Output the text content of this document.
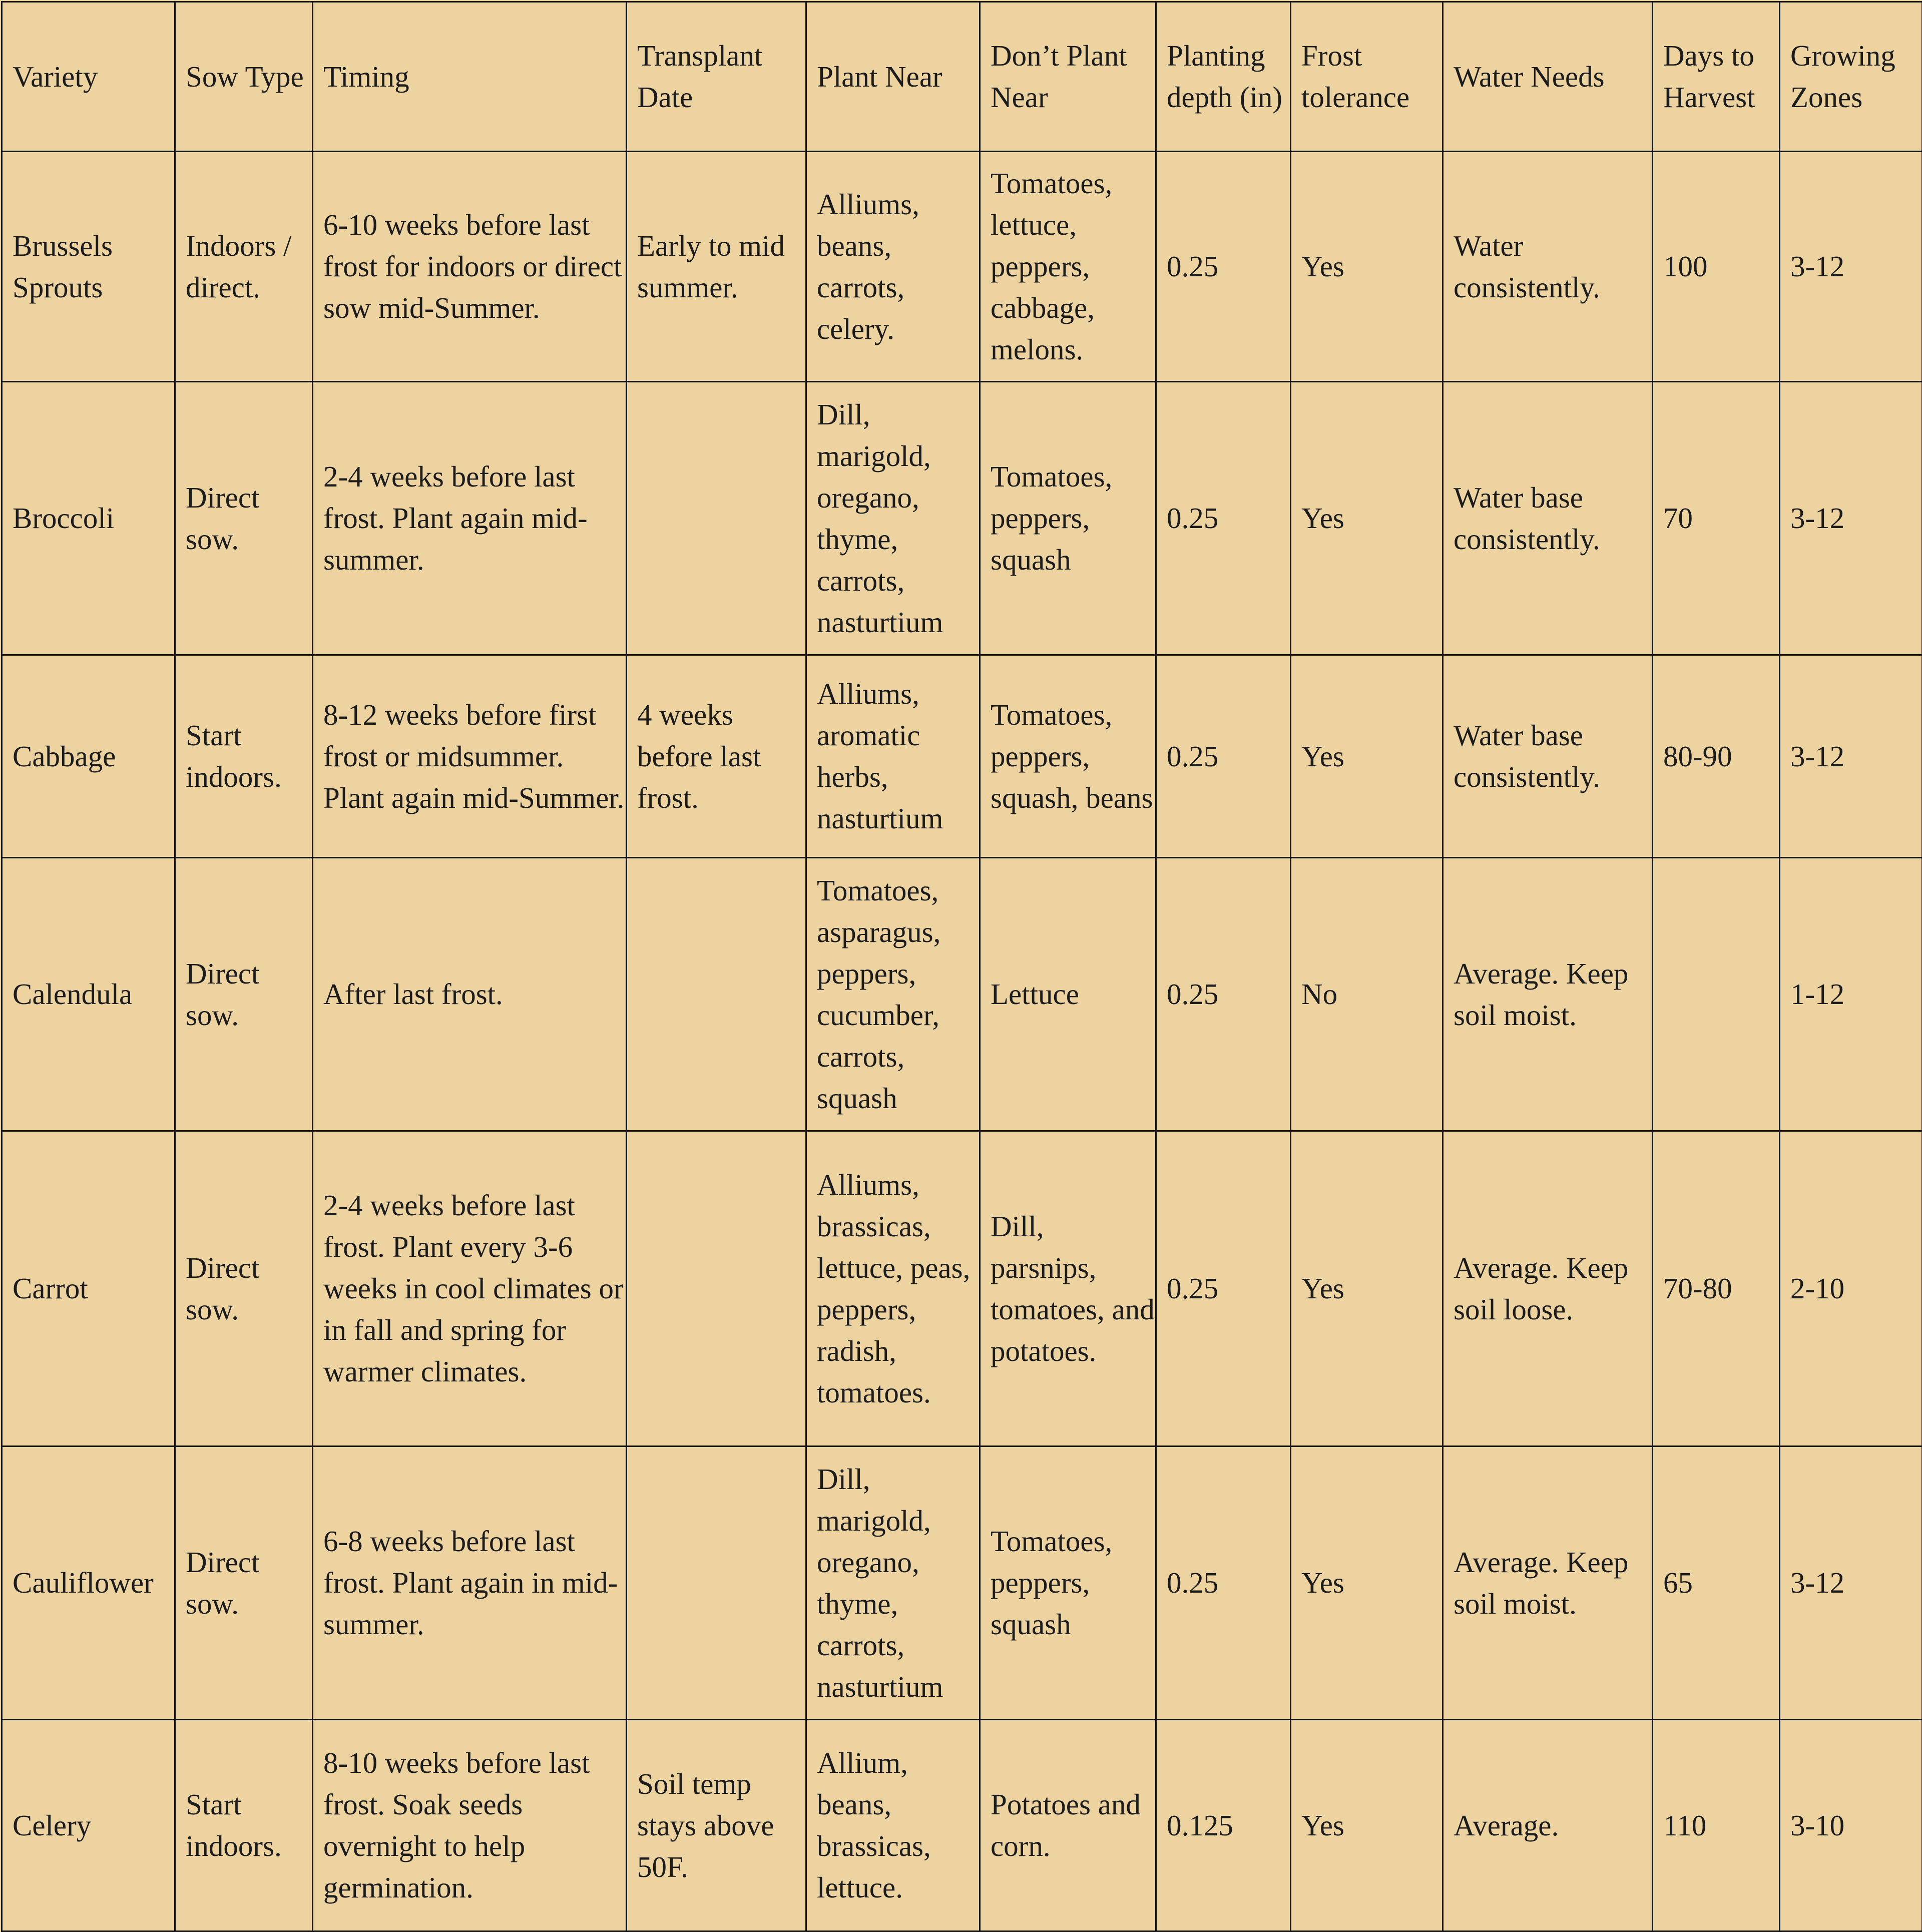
Variety	Sow Type	Timing	Transplant Date	Plant Near	Don’t Plant Near	Planting depth (in)	Frost tolerance	Water Needs	Days to Harvest	Growing Zones
Brussels Sprouts	Indoors / direct.	6-10 weeks before last frost for indoors or direct sow mid-Summer.	Early to mid summer.	Alliums, beans, carrots, celery.	Tomatoes, lettuce, peppers, cabbage, melons.	0.25	Yes	Water consistently.	100	3-12
Broccoli	Direct sow.	2-4 weeks before last frost. Plant again mid-summer.		Dill, marigold, oregano, thyme, carrots, nasturtium	Tomatoes, peppers, squash	0.25	Yes	Water base consistently.	70	3-12
Cabbage	Start indoors.	8-12 weeks before first frost or midsummer. Plant again mid-Summer.	4 weeks before last frost.	Alliums, aromatic herbs, nasturtium	Tomatoes, peppers, squash, beans	0.25	Yes	Water base consistently.	80-90	3-12
Calendula	Direct sow.	After last frost.		Tomatoes, asparagus, peppers, cucumber, carrots, squash	Lettuce	0.25	No	Average. Keep soil moist.		1-12
Carrot	Direct sow.	2-4 weeks before last frost. Plant every 3-6 weeks in cool climates or in fall and spring for warmer climates.		Alliums, brassicas, lettuce, peas, peppers, radish, tomatoes.	Dill, parsnips, tomatoes, and potatoes.	0.25	Yes	Average. Keep soil loose.	70-80	2-10
Cauliflower	Direct sow.	6-8 weeks before last frost. Plant again in mid-summer.		Dill, marigold, oregano, thyme, carrots, nasturtium	Tomatoes, peppers, squash	0.25	Yes	Average. Keep soil moist.	65	3-12
Celery	Start indoors.	8-10 weeks before last frost. Soak seeds overnight to help germination.	Soil temp stays above 50F.	Allium, beans, brassicas, lettuce.	Potatoes and corn.	0.125	Yes	Average.	110	3-10
